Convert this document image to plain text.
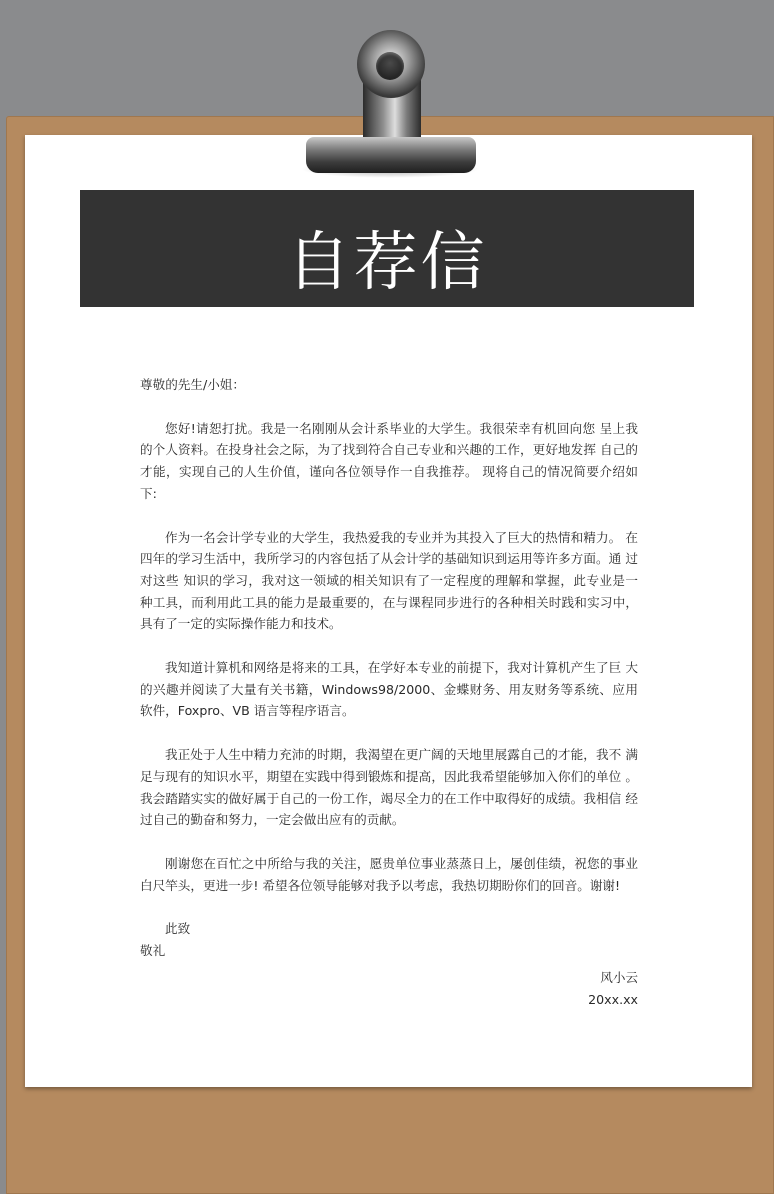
自荐信

尊敬的先生/小姐：

您好!请恕打扰。我是一名刚刚从会计系毕业的大学生。我很荣幸有机回向您 呈上我的个人资料。在投身社会之际，为了找到符合自己专业和兴趣的工作，更好地发挥 自己的才能，实现自己的人生价值，谨向各位领导作一自我推荐。 现将自己的情况简要介绍如下:

作为一名会计学专业的大学生，我热爱我的专业并为其投入了巨大的热情和精力。 在四年的学习生活中，我所学习的内容包括了从会计学的基础知识到运用等许多方面。通 过对这些 知识的学习，我对这一领域的相关知识有了一定程度的理解和掌握，此专业是一 种工具，而利用此工具的能力是最重要的，在与课程同步进行的各种相关时践和实习中， 具有了一定的实际操作能力和技术。

我知道计算机和网络是将来的工具，在学好本专业的前提下，我对计算机产生了巨 大的兴趣并阅读了大量有关书籍，Windows98/2000、金蝶财务、用友财务等系统、应用 软件，Foxpro、VB 语言等程序语言。

我正处于人生中精力充沛的时期，我渴望在更广阔的天地里展露自己的才能，我不 满足与现有的知识水平，期望在实践中得到锻炼和提高，因此我希望能够加入你们的单位 。我会踏踏实实的做好属于自己的一份工作，竭尽全力的在工作中取得好的成绩。我相信 经过自己的勤奋和努力，一定会做出应有的贡献。

刚谢您在百忙之中所给与我的关注，愿贵单位事业蒸蒸日上，屡创佳绩，祝您的事业 白尺竿头，更进一步! 希望各位领导能够对我予以考虑，我热切期盼你们的回音。谢谢!

此致

敬礼

风小云

20xx.xx
